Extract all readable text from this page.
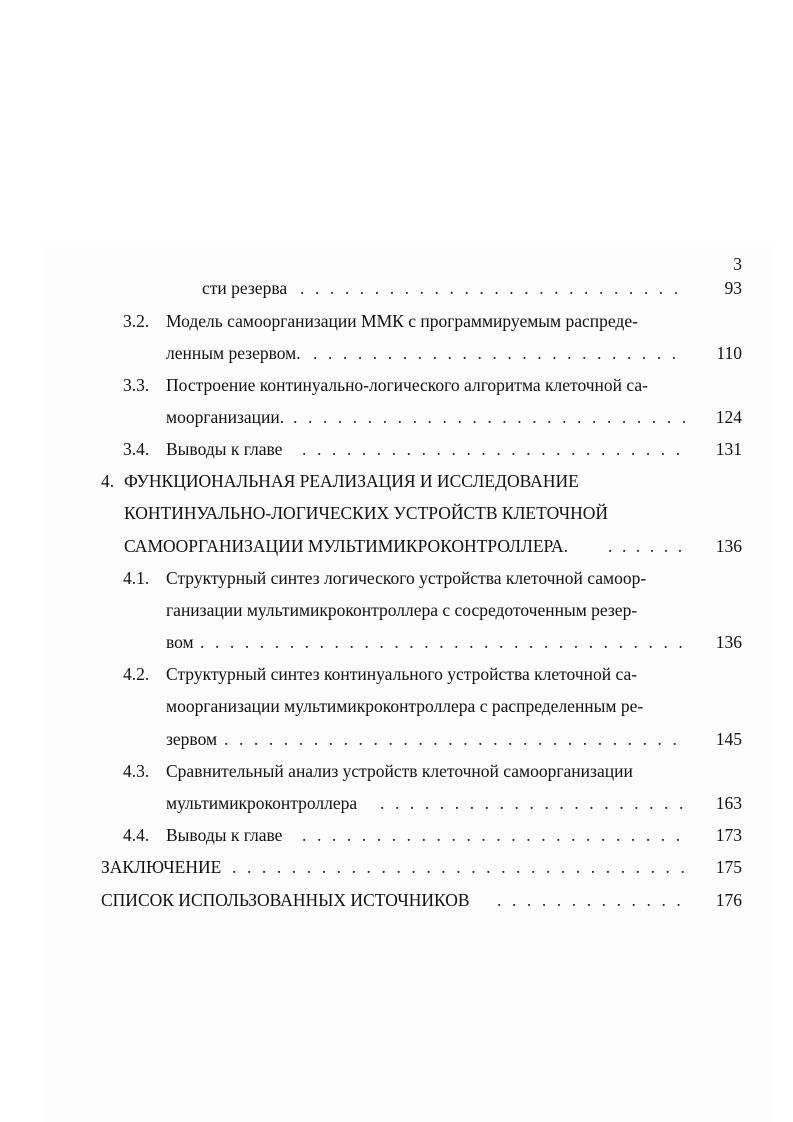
3
сти резерва . . .	93
3.2. Модель самоорганизации ММК с программируемым распреде-
ленным резервом. . . .	110
3.3. Построение континуально-логического алгоритма клеточной са-
моорганизации. . . .	124
3.4. Выводы к главе . . .	131
4. ФУНКЦИОНАЛЬНАЯ РЕАЛИЗАЦИЯ И ИССЛЕДОВАНИЕ
КОНТИНУАЛЬНО-ЛОГИЧЕСКИХ УСТРОЙСТВ КЛЕТОЧНОЙ
САМООРГАНИЗАЦИИ МУЛЬТИМИКРОКОНТРОЛЛЕРА. . . .	136
4.1. Структурный синтез логического устройства клеточной самоор-
ганизации мультимикроконтроллера с сосредоточенным резер-
вом . . .	136
4.2. Структурный синтез континуального устройства клеточной са-
моорганизации мультимикроконтроллера с распределенным ре-
зервом . . .	145
4.3. Сравнительный анализ устройств клеточной самоорганизации
мультимикроконтроллера . . .	163
4.4. Выводы к главе . . .	173
ЗАКЛЮЧЕНИЕ . . .	175
СПИСОК ИСПОЛЬЗОВАННЫХ ИСТОЧНИКОВ . . .	176
